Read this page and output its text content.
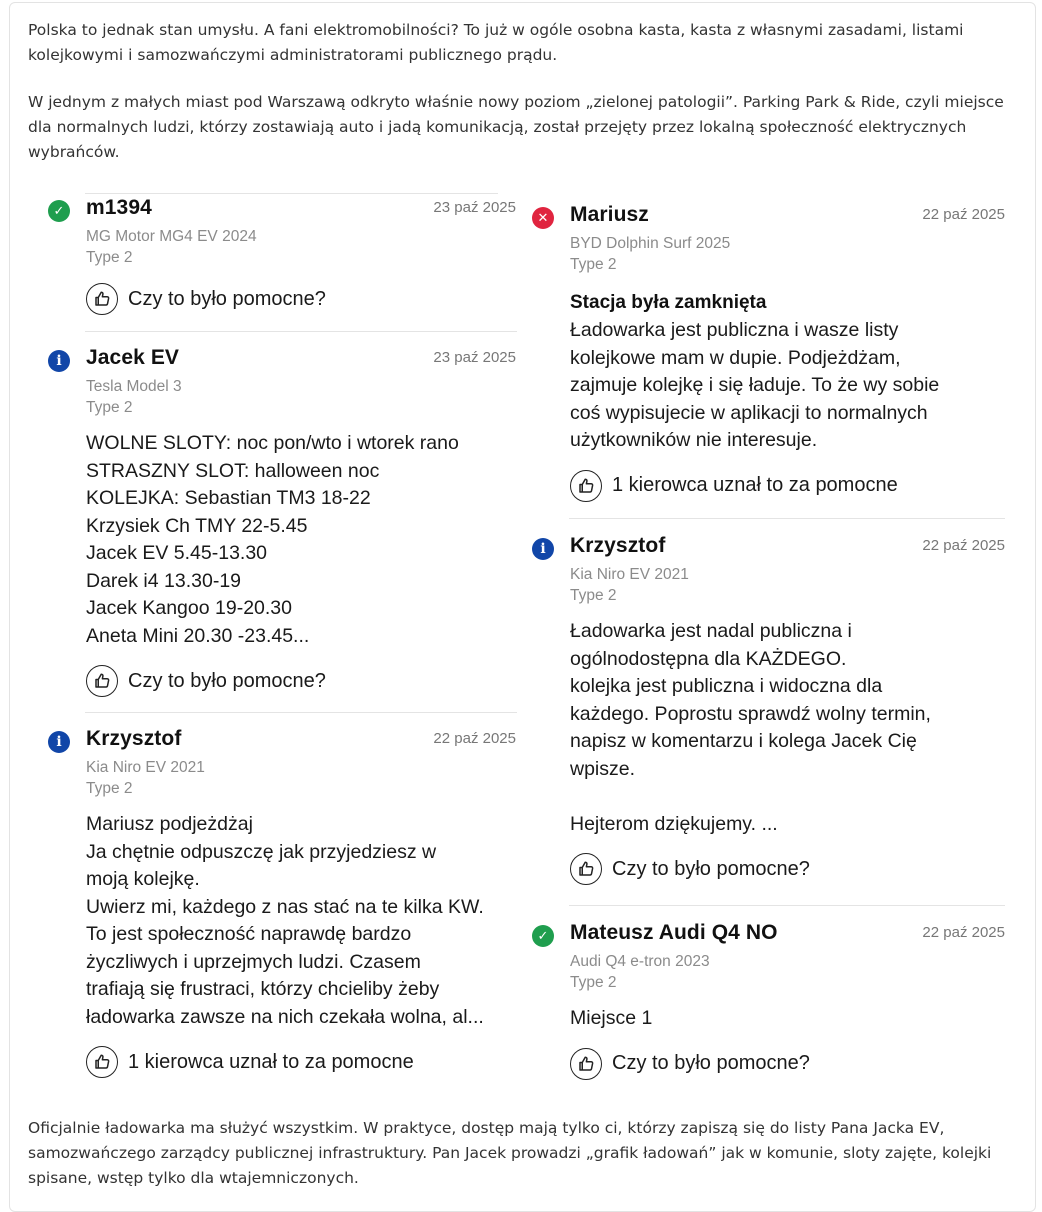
Polska to jednak stan umysłu. A fani elektromobilności? To już w ogóle osobna kasta, kasta z własnymi zasadami, listami kolejkowymi i samozwańczymi administratorami publicznego prądu.

W jednym z małych miast pod Warszawą odkryto właśnie nowy poziom „zielonej patologii”. Parking Park & Ride, czyli miejsce dla normalnych ludzi, którzy zostawiają auto i jadą komunikacją, został przejęty przez lokalną społeczność elektrycznych wybrańców.

✓ m1394	23 paź 2025
MG Motor MG4 EV 2024
Type 2
Czy to było pomocne?
i	Jacek EV	23 paź 2025
Tesla Model 3
Type 2
WOLNE SLOTY: noc pon/wto i wtorek rano
STRASZNY SLOT: halloween noc
KOLEJKA: Sebastian TM3 18-22
Krzysiek Ch TMY 22-5.45
Jacek EV 5.45-13.30
Darek i4 13.30-19
Jacek Kangoo 19-20.30
Aneta Mini 20.30 -23.45...
Czy to było pomocne?
i	Krzysztof	22 paź 2025
Kia Niro EV 2021
Type 2
Mariusz podjeżdżaj
Ja chętnie odpuszczę jak przyjedziesz w
moją kolejkę.
Uwierz mi, każdego z nas stać na te kilka KW.
To jest społeczność naprawdę bardzo
życzliwych i uprzejmych ludzi. Czasem
trafiają się frustraci, którzy chcieliby żeby
ładowarka zawsze na nich czekała wolna, al...
1 kierowca uznał to za pomocne
✕ Mariusz	22 paź 2025
BYD Dolphin Surf 2025
Type 2
Stacja była zamknięta
Ładowarka jest publiczna i wasze listy
kolejkowe mam w dupie. Podjeżdżam,
zajmuje kolejkę i się ładuje. To że wy sobie
coś wypisujecie w aplikacji to normalnych
użytkowników nie interesuje.
1 kierowca uznał to za pomocne
i	Krzysztof	22 paź 2025
Kia Niro EV 2021
Type 2
Ładowarka jest nadal publiczna i
ogólnodostępna dla KAŻDEGO.
kolejka jest publiczna i widoczna dla
każdego. Poprostu sprawdź wolny termin,
napisz w komentarzu i kolega Jacek Cię
wpisze.

Hejterom dziękujemy. ...
Czy to było pomocne?
✓ Mateusz Audi Q4 NO	22 paź 2025
Audi Q4 e-tron 2023
Type 2
Miejsce 1
Czy to było pomocne?

Oficjalnie ładowarka ma służyć wszystkim. W praktyce, dostęp mają tylko ci, którzy zapiszą się do listy Pana Jacka EV, samozwańczego zarządcy publicznej infrastruktury. Pan Jacek prowadzi „grafik ładowań” jak w komunie, sloty zajęte, kolejki spisane, wstęp tylko dla wtajemniczonych.
